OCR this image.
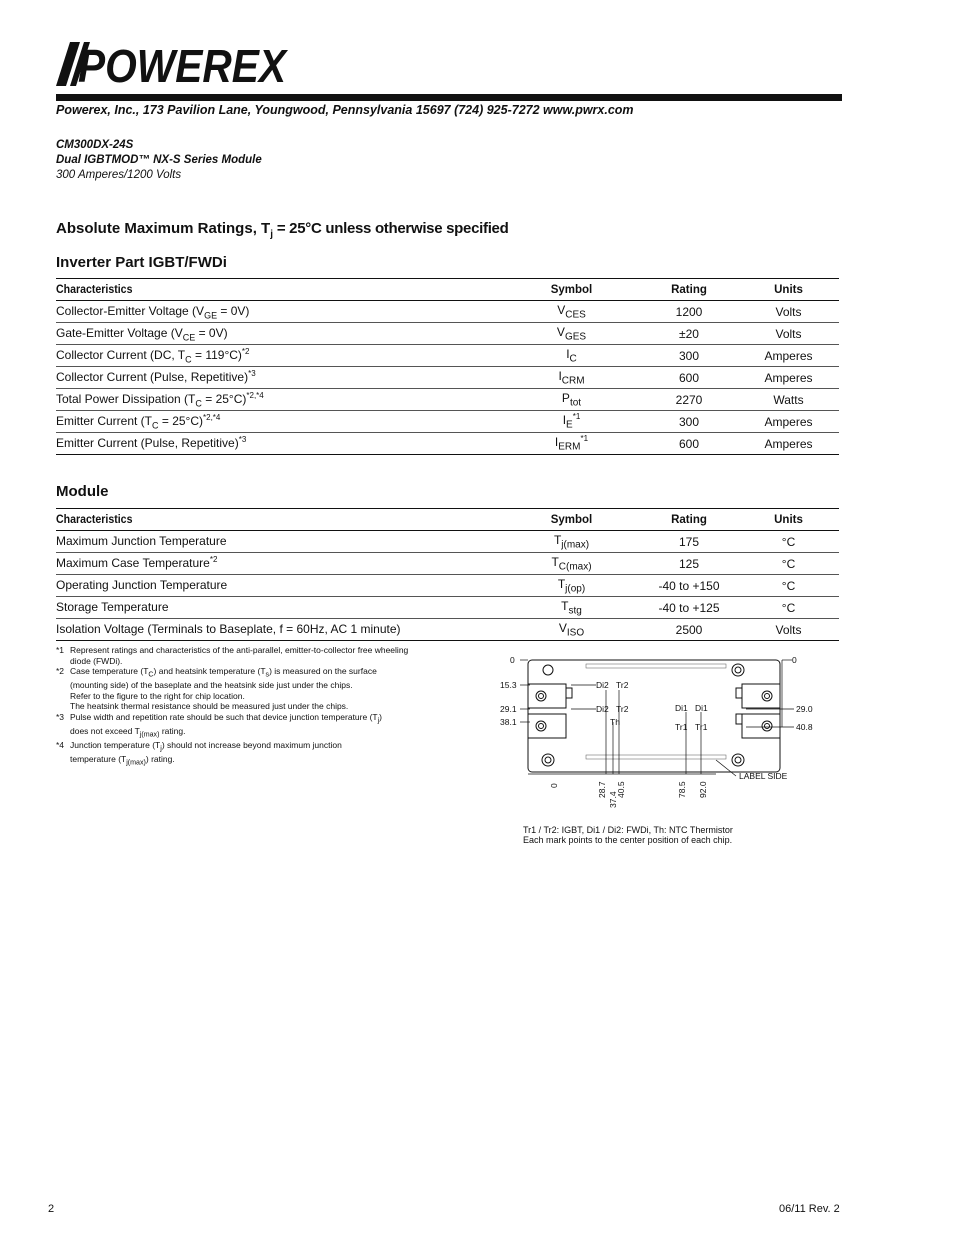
POWEREX
Powerex, Inc., 173 Pavilion Lane, Youngwood, Pennsylvania 15697 (724) 925-7272 www.pwrx.com
CM300DX-24S
Dual IGBTMOD™ NX-S Series Module
300 Amperes/1200 Volts
Absolute Maximum Ratings, $T_j = 25^\circ C$ unless otherwise specified
Inverter Part IGBT/FWDi
Characteristics	Symbol	Rating	Units
Collector-Emitter Voltage $(V_{GE} = 0V)$	$V_{CES}$	1200	Volts
Gate-Emitter Voltage $(V_{CE} = 0V)$	$V_{GES}$	±20	Volts
Collector Current (DC, $T_C = 119^\circ C)^{*2}$	$I_C$	300	Amperes
Collector Current (Pulse, Repetitive)$^{*3}$	$I_{CRM}$	600	Amperes
Total Power Dissipation $(T_C = 25^\circ C)^{*2,*4}$	$P_{tot}$	2270	Watts
Emitter Current $(T_C = 25^\circ C)^{*2,*4}$	$I_E^{*1}$	300	Amperes
Emitter Current (Pulse, Repetitive)$^{*3}$	$I_{ERM}^{*1}$	600	Amperes
Module
Characteristics	Symbol	Rating	Units
Maximum Junction Temperature	$T_{j(max)}$	175	°C
Maximum Case Temperature$^{*2}$	$T_{C(max)}$	125	°C
Operating Junction Temperature	$T_{j(op)}$	-40 to +150	°C
Storage Temperature	$T_{stg}$	-40 to +125	°C
Isolation Voltage (Terminals to Baseplate, f = 60Hz, AC 1 minute)	$V_{ISO}$	2500	Volts
*1 Represent ratings and characteristics of the anti-parallel, emitter-to-collector free wheeling
diode (FWDi).
*2 Case temperature $(T_C)$ and heatsink temperature $(T_s)$ is measured on the surface
(mounting side) of the baseplate and the heatsink side just under the chips.
Refer to the figure to the right for chip location.
The heatsink thermal resistance should be measured just under the chips.
*3 Pulse width and repetition rate should be such that device junction temperature $(T_j)$
does not exceed $T_{j(max)}$ rating.
*4 Junction temperature $(T_j)$ should not increase beyond maximum junction
temperature $(T_{j(max)})$ rating.
0
15.3
29.1
38.1
0
29.0
40.8
0	28.7
37.4
40.5	78.5 92.0
Di2 Tr2
Di2 Tr2
Th
Di1 Di1
Tr1 Tr1
LABEL SIDE
Tr1 / Tr2: IGBT, Di1 / Di2: FWDi, Th: NTC Thermistor
Each mark points to the center position of each chip.
2	06/11 Rev. 2
